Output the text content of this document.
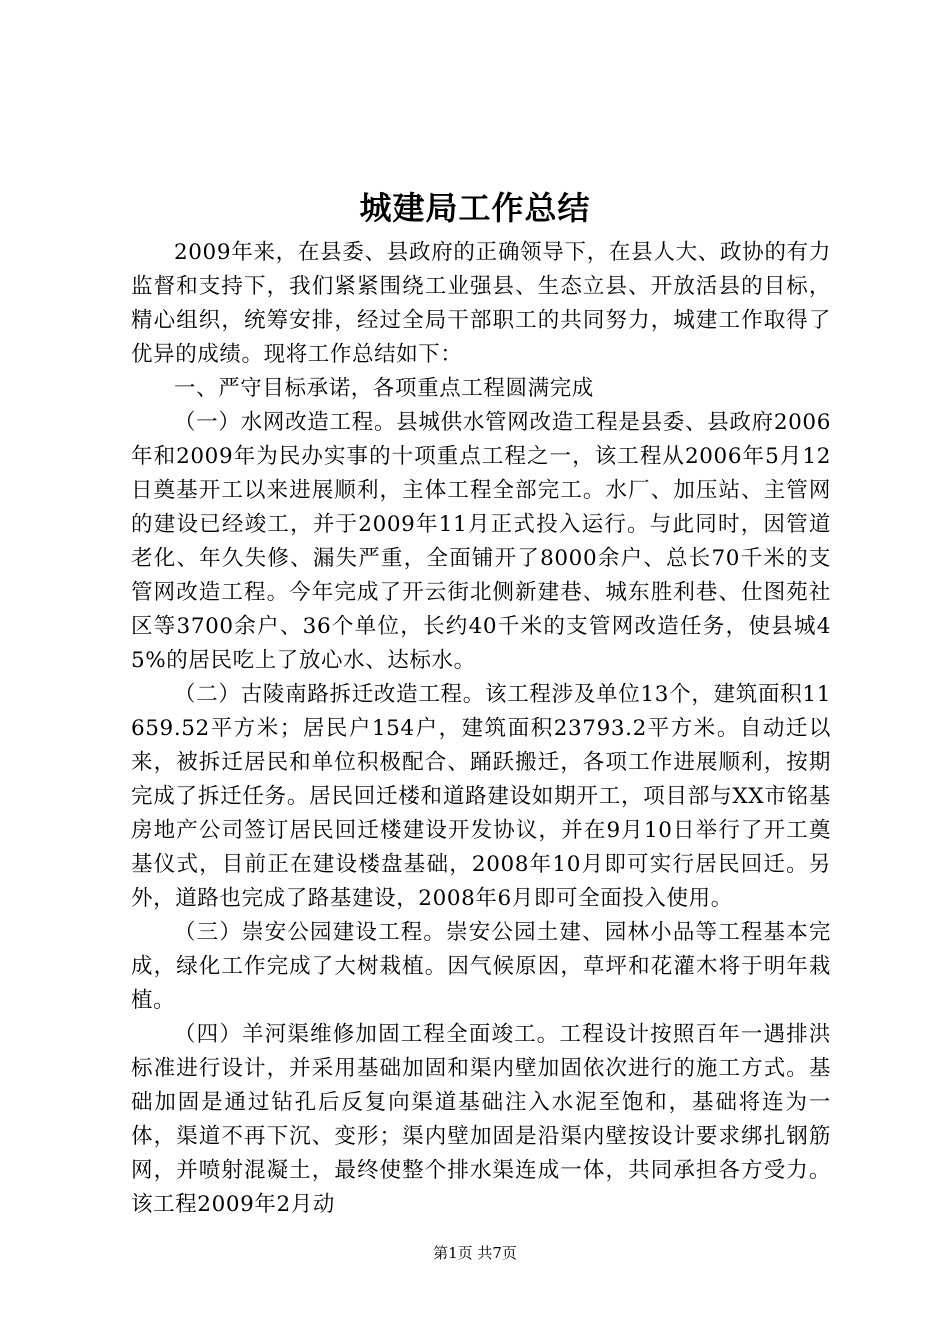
城建局工作总结

2009年来，在县委、县政府的正确领导下，在县人大、政协的有力监督和支持下，我们紧紧围绕工业强县、生态立县、开放活县的目标，精心组织，统筹安排，经过全局干部职工的共同努力，城建工作取得了优异的成绩。现将工作总结如下：

一、严守目标承诺，各项重点工程圆满完成

（一）水网改造工程。县城供水管网改造工程是县委、县政府2006年和2009年为民办实事的十项重点工程之一，该工程从2006年5月12日奠基开工以来进展顺利，主体工程全部完工。水厂、加压站、主管网的建设已经竣工，并于2009年11月正式投入运行。与此同时，因管道老化、年久失修、漏失严重，全面铺开了8000余户、总长70千米的支管网改造工程。今年完成了开云街北侧新建巷、城东胜利巷、仕图苑社区等3700余户、36个单位，长约40千米的支管网改造任务，使县城45%的居民吃上了放心水、达标水。

（二）古陵南路拆迁改造工程。该工程涉及单位13个，建筑面积11659.52平方米；居民户154户，建筑面积23793.2平方米。自动迁以来，被拆迁居民和单位积极配合、踊跃搬迁，各项工作进展顺利，按期完成了拆迁任务。居民回迁楼和道路建设如期开工，项目部与XX市铭基房地产公司签订居民回迁楼建设开发协议，并在9月10日举行了开工奠基仪式，目前正在建设楼盘基础，2008年10月即可实行居民回迁。另外，道路也完成了路基建设，2008年6月即可全面投入使用。

（三）崇安公园建设工程。崇安公园土建、园林小品等工程基本完成，绿化工作完成了大树栽植。因气候原因，草坪和花灌木将于明年栽植。

（四）羊河渠维修加固工程全面竣工。工程设计按照百年一遇排洪标准进行设计，并采用基础加固和渠内壁加固依次进行的施工方式。基础加固是通过钻孔后反复向渠道基础注入水泥至饱和，基础将连为一体，渠道不再下沉、变形；渠内壁加固是沿渠内壁按设计要求绑扎钢筋网，并喷射混凝土，最终使整个排水渠连成一体，共同承担各方受力。该工程2009年2月动

第1页 共7页
